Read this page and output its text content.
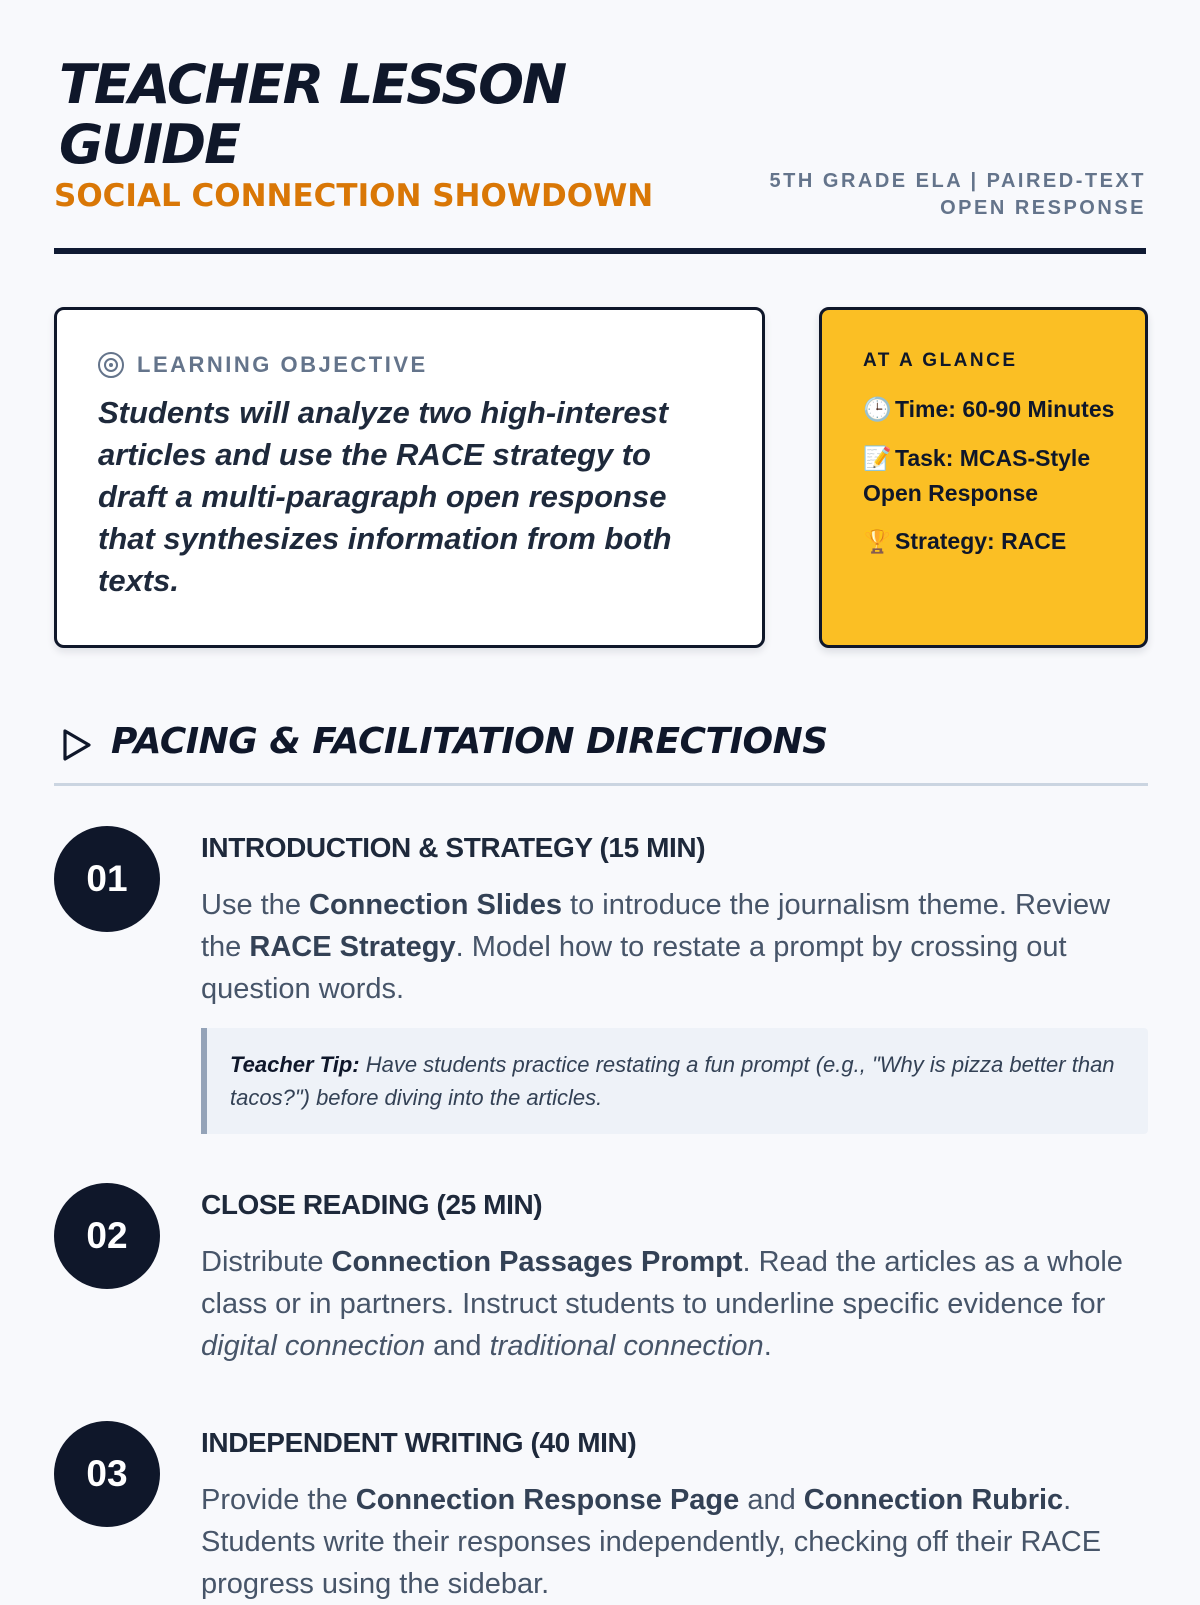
TEACHER LESSON GUIDE
SOCIAL CONNECTION SHOWDOWN	5TH GRADE ELA | PAIRED-TEXT OPEN RESPONSE
LEARNING OBJECTIVE

Students will analyze two high-interest articles and use the RACE strategy to draft a multi-paragraph open response that synthesizes information from both texts.

AT A GLANCE
🕒 Time: 60-90 Minutes
📝 Task: MCAS-Style Open Response
🏆 Strategy: RACE
PACING & FACILITATION DIRECTIONS
01
INTRODUCTION & STRATEGY (15 MIN)

Use the Connection Slides to introduce the journalism theme. Review the RACE Strategy. Model how to restate a prompt by crossing out question words.

Teacher Tip: Have students practice restating a fun prompt (e.g., "Why is pizza better than tacos?") before diving into the articles.
02
CLOSE READING (25 MIN)

Distribute Connection Passages Prompt. Read the articles as a whole class or in partners. Instruct students to underline specific evidence for digital connection and traditional connection.

03
INDEPENDENT WRITING (40 MIN)

Provide the Connection Response Page and Connection Rubric. Students write their responses independently, checking off their RACE progress using the sidebar.
